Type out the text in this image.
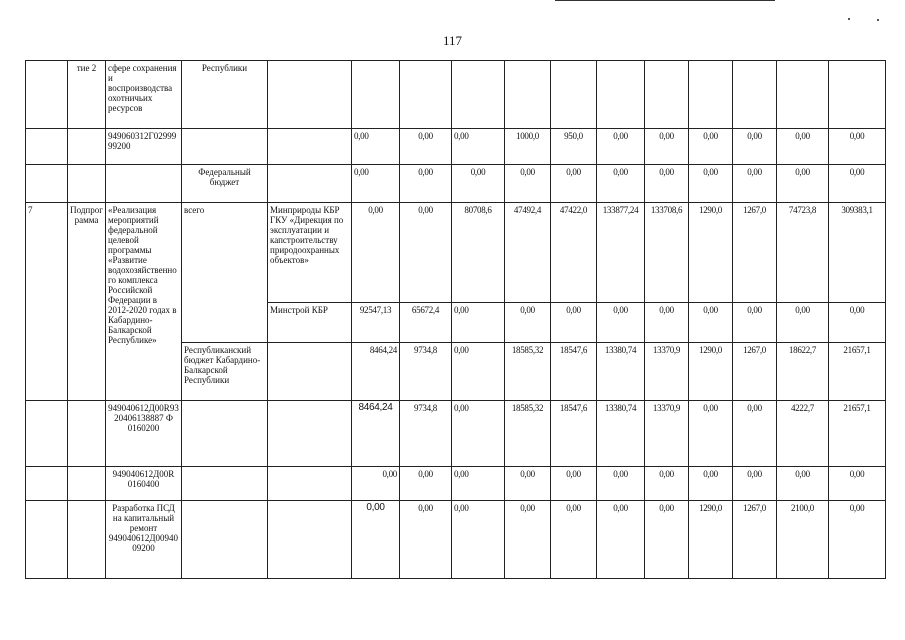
117
	тие 2	сфере сохранения и воспроизводства охотничьих ресурсов	Республики												
		949060312Г0299999200			0,00	0,00	0,00	1000,0	950,0	0,00	0,00	0,00	0,00	0,00	0,00
			Федеральный бюджет		0,00	0,00	0,00	0,00	0,00	0,00	0,00	0,00	0,00	0,00	0,00
7	Подпрограмма	«Реализация мероприятий федеральной целевой программы «Развитие водохозяйственного комплекса Российской Федерации в 2012-2020 годах в Кабардино-Балкарской Республике»	всего	Минприроды КБР ГКУ «Дирекция по эксплуатации и капстроительству природоохранных объектов»	0,00	0,00	80708,6	47492,4	47422,0	133877,24	133708,6	1290,0	1267,0	74723,8	309383,1
				Минстрой КБР	92547,13	65672,4	0,00	0,00	0,00	0,00	0,00	0,00	0,00	0,00	0,00
			Республиканский бюджет Кабардино-Балкарской Республики		8464,24	9734,8	0,00	18585,32	18547,6	13380,74	13370,9	1290,0	1267,0	18622,7	21657,1
		949040612Д00R9320406138887 Ф 0160200			8464,24	9734,8	0,00	18585,32	18547,6	13380,74	13370,9	0,00	0,00	4222,7	21657,1
		949040612Д00R 0160400			0,00	0,00	0,00	0,00	0,00	0,00	0,00	0,00	0,00	0,00	0,00
		Разработка ПСД на капитальный ремонт 949040612Д0094009200			0,00	0,00	0,00	0,00	0,00	0,00	0,00	1290,0	1267,0	2100,0	0,00
